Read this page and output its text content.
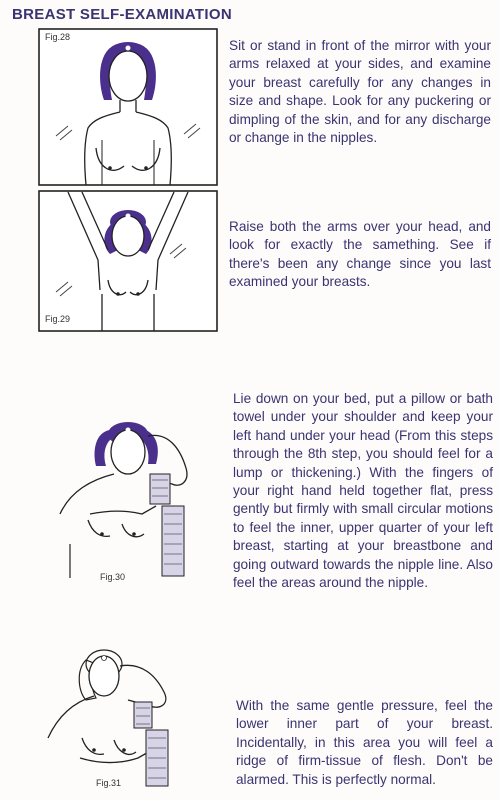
BREAST SELF-EXAMINATION
Fig.28

Sit or stand in front of the mirror with your arms relaxed at your sides, and examine your breast carefully for any changes in size and shape. Look for any puckering or dimpling of the skin, and for any discharge or change in the nipples.

Fig.29

Raise both the arms over your head, and look for exactly the samething. See if there's been any change since you last examined your breasts.

Fig.30

Lie down on your bed, put a pillow or bath towel under your shoulder and keep your left hand under your head (From this steps through the 8th step, you should feel for a lump or thickening.) With the fingers of your right hand held together flat, press gently but firmly with small circular motions to feel the inner, upper quarter of your left breast, starting at your breastbone and going outward towards the nipple line. Also feel the areas around the nipple.

Fig.31

With the same gentle pressure, feel the lower inner part of your breast. Incidentally, in this area you will feel a ridge of firm-tissue of flesh. Don't be alarmed. This is perfectly normal.
